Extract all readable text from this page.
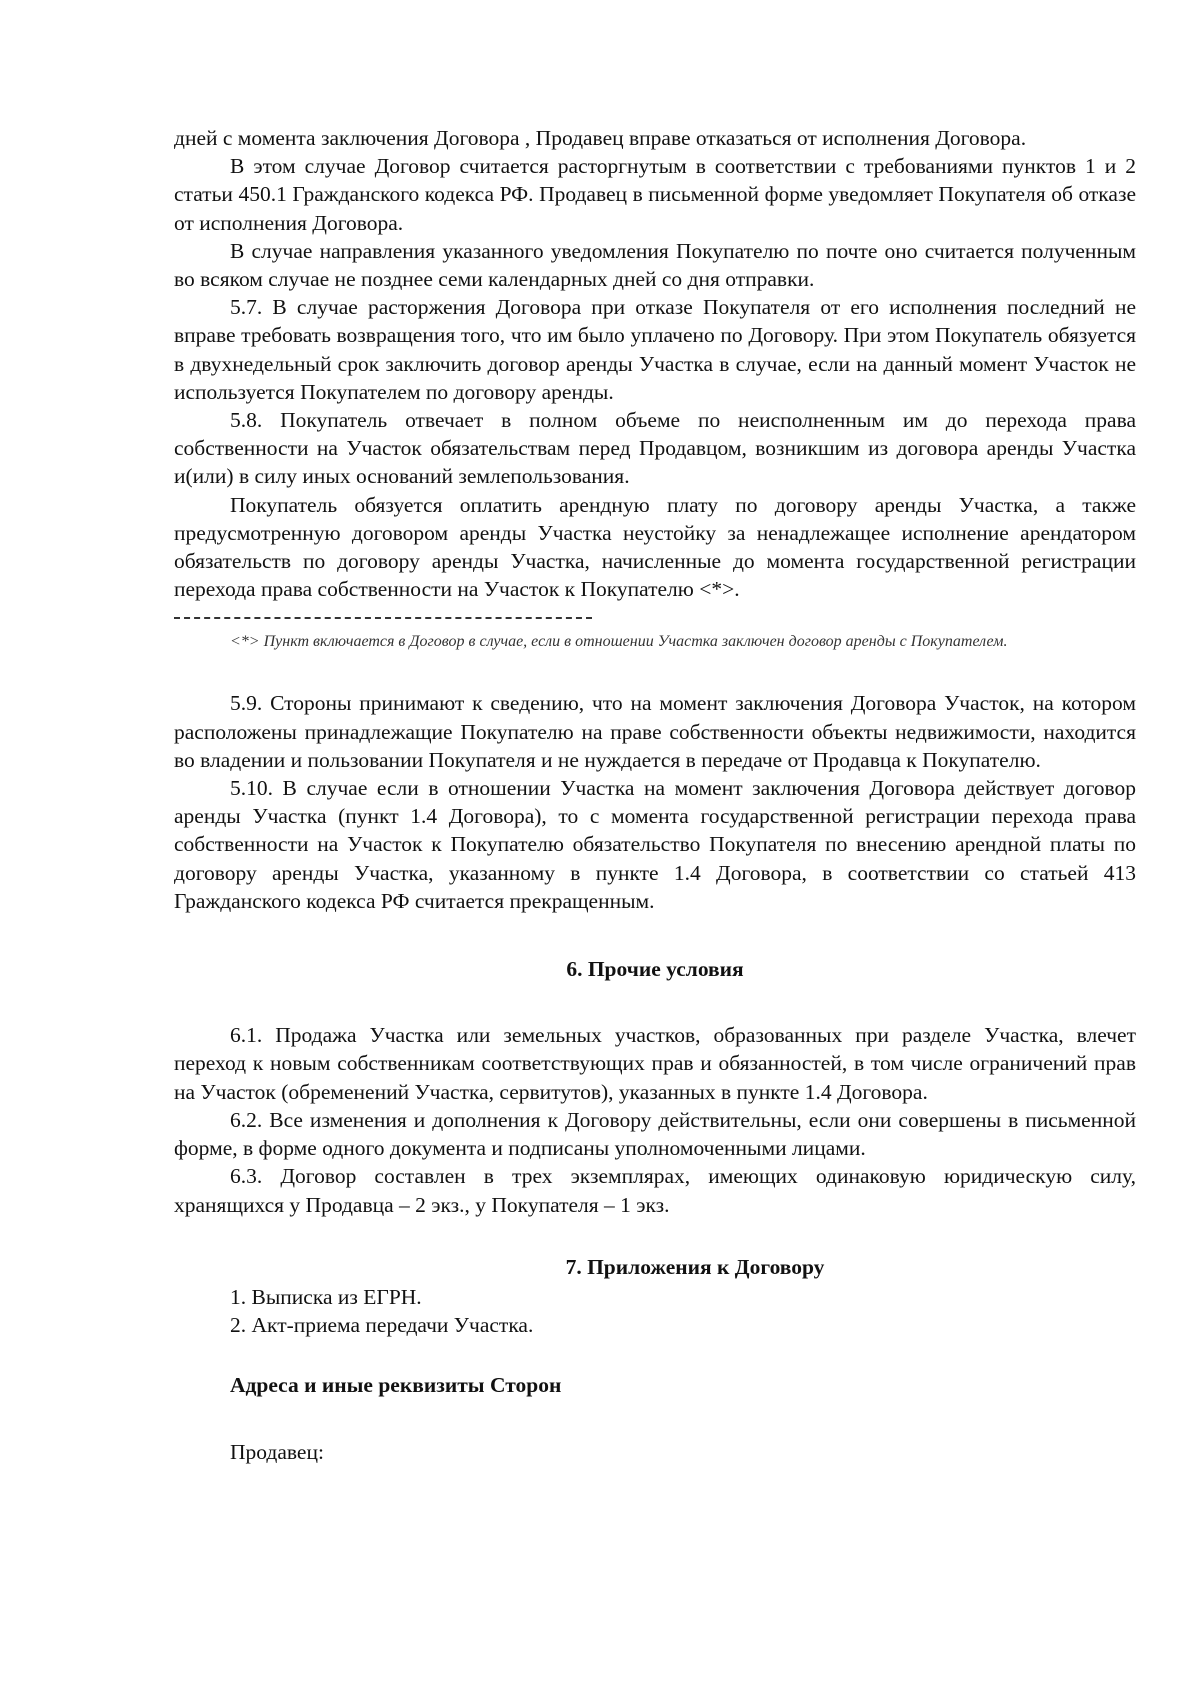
дней с момента заключения Договора , Продавец вправе отказаться от исполнения Договора.

В этом случае Договор считается расторгнутым в соответствии с требованиями пунктов 1 и 2 статьи 450.1 Гражданского кодекса РФ. Продавец в письменной форме уведомляет Покупателя об отказе от исполнения Договора.

В случае направления указанного уведомления Покупателю по почте оно считается полученным во всяком случае не позднее семи календарных дней со дня отправки.

5.7. В случае расторжения Договора при отказе Покупателя от его исполнения последний не вправе требовать возвращения того, что им было уплачено по Договору. При этом Покупатель обязуется в двухнедельный срок заключить договор аренды Участка в случае, если на данный момент Участок не используется Покупателем по договору аренды.

5.8. Покупатель отвечает в полном объеме по неисполненным им до перехода права собственности на Участок обязательствам перед Продавцом, возникшим из договора аренды Участка и(или) в силу иных оснований землепользования.

Покупатель обязуется оплатить арендную плату по договору аренды Участка, а также предусмотренную договором аренды Участка неустойку за ненадлежащее исполнение арендатором обязательств по договору аренды Участка, начисленные до момента государственной регистрации перехода права собственности на Участок к Покупателю <*>.

<*> Пункт включается в Договор в случае, если в отношении Участка заключен договор аренды с Покупателем.

5.9. Стороны принимают к сведению, что на момент заключения Договора Участок, на котором расположены принадлежащие Покупателю на праве собственности объекты недвижимости, находится во владении и пользовании Покупателя и не нуждается в передаче от Продавца к Покупателю.

5.10. В случае если в отношении Участка на момент заключения Договора действует договор аренды Участка (пункт 1.4 Договора), то с момента государственной регистрации перехода права собственности на Участок к Покупателю обязательство Покупателя по внесению арендной платы по договору аренды Участка, указанному в пункте 1.4 Договора, в соответствии со статьей 413 Гражданского кодекса РФ считается прекращенным.

6. Прочие условия

6.1. Продажа Участка или земельных участков, образованных при разделе Участка, влечет переход к новым собственникам соответствующих прав и обязанностей, в том числе ограничений прав на Участок (обременений Участка, сервитутов), указанных в пункте 1.4 Договора.

6.2. Все изменения и дополнения к Договору действительны, если они совершены в письменной форме, в форме одного документа и подписаны уполномоченными лицами.

6.3. Договор составлен в трех экземплярах, имеющих одинаковую юридическую силу, хранящихся у Продавца – 2 экз., у Покупателя – 1 экз.

7. Приложения к Договору

1. Выписка из ЕГРН.
2. Акт-приема передачи Участка.

Адреса и иные реквизиты Сторон

Продавец:
